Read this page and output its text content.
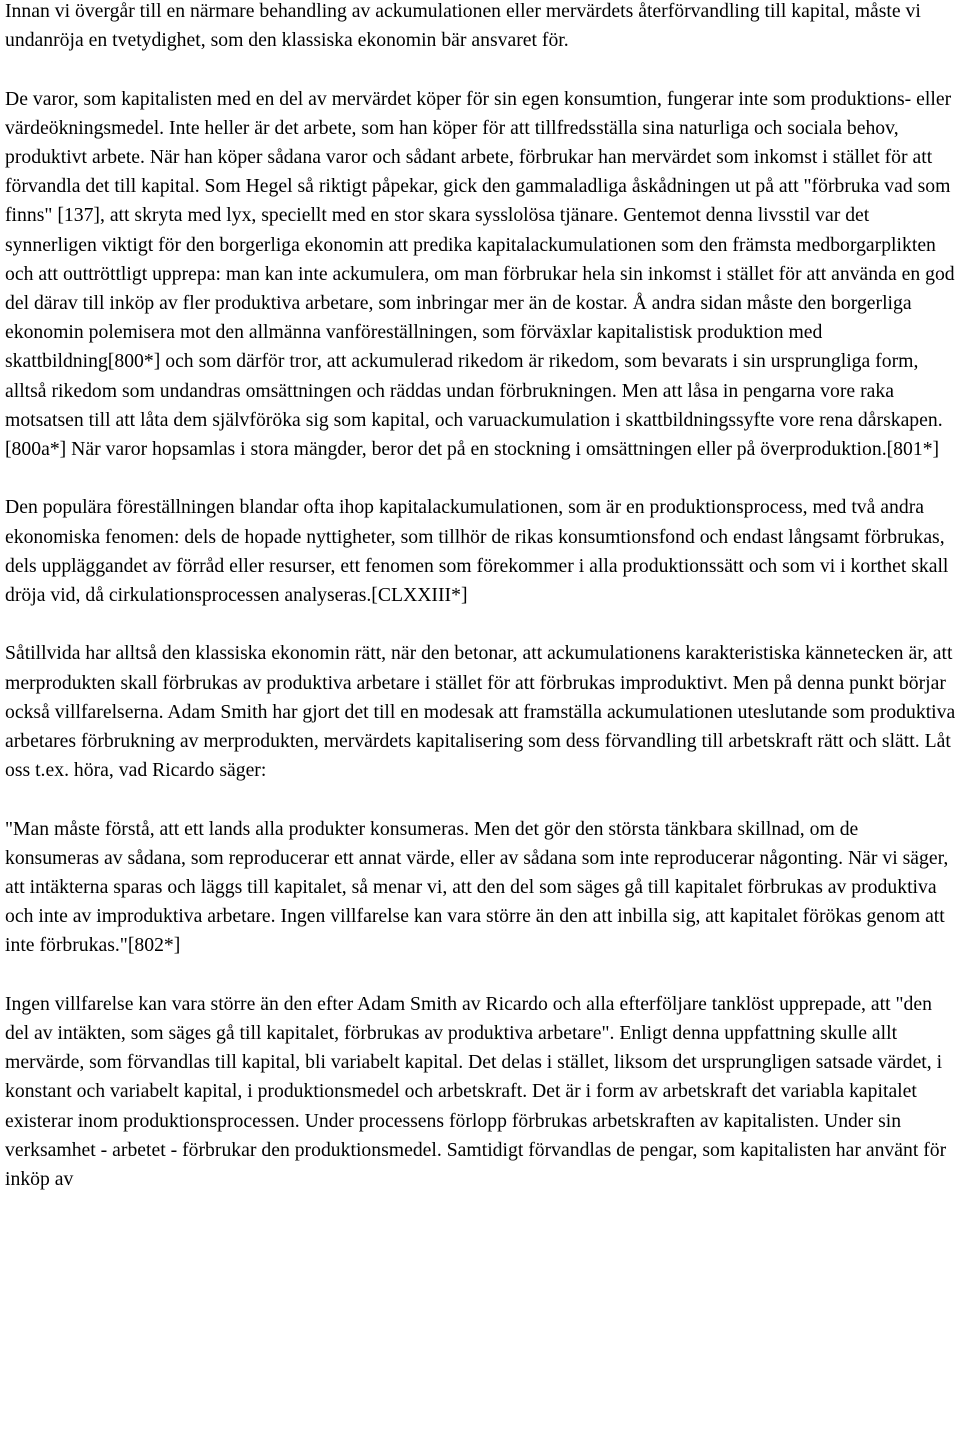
Innan vi övergår till en närmare behandling av ackumulationen eller mervärdets återförvandling till kapital, måste vi undanröja en tvetydighet, som den klassiska ekonomin bär ansvaret för.

De varor, som kapitalisten med en del av mervärdet köper för sin egen konsumtion, fungerar inte som produktions- eller värdeökningsmedel. Inte heller är det arbete, som han köper för att tillfredsställa sina naturliga och sociala behov, produktivt arbete. När han köper sådana varor och sådant arbete, förbrukar han mervärdet som inkomst i stället för att förvandla det till kapital. Som Hegel så riktigt påpekar, gick den gammaladliga åskådningen ut på att "förbruka vad som finns" [137], att skryta med lyx, speciellt med en stor skara sysslolösa tjänare. Gentemot denna livsstil var det synnerligen viktigt för den borgerliga ekonomin att predika kapitalackumulationen som den främsta medborgarplikten och att outtröttligt upprepa: man kan inte ackumulera, om man förbrukar hela sin inkomst i stället för att använda en god del därav till inköp av fler produktiva arbetare, som inbringar mer än de kostar. Å andra sidan måste den borgerliga ekonomin polemisera mot den allmänna vanföreställningen, som förväxlar kapitalistisk produktion med skattbildning[800*] och som därför tror, att ackumulerad rikedom är rikedom, som bevarats i sin ursprungliga form, alltså rikedom som undandras omsättningen och räddas undan förbrukningen. Men att låsa in pengarna vore raka motsatsen till att låta dem självföröka sig som kapital, och varuackumulation i skattbildningssyfte vore rena dårskapen.[800a*] När varor hopsamlas i stora mängder, beror det på en stockning i omsättningen eller på överproduktion.[801*]

Den populära föreställningen blandar ofta ihop kapitalackumulationen, som är en produktionsprocess, med två andra ekonomiska fenomen: dels de hopade nyttigheter, som tillhör de rikas konsumtionsfond och endast långsamt förbrukas, dels uppläggandet av förråd eller resurser, ett fenomen som förekommer i alla produktionssätt och som vi i korthet skall dröja vid, då cirkulationsprocessen analyseras.[CLXXIII*]

Såtillvida har alltså den klassiska ekonomin rätt, när den betonar, att ackumulationens karakteristiska kännetecken är, att merprodukten skall förbrukas av produktiva arbetare i stället för att förbrukas improduktivt. Men på denna punkt börjar också villfarelserna. Adam Smith har gjort det till en modesak att framställa ackumulationen uteslutande som produktiva arbetares förbrukning av merprodukten, mervärdets kapitalisering som dess förvandling till arbetskraft rätt och slätt. Låt oss t.ex. höra, vad Ricardo säger:

"Man måste förstå, att ett lands alla produkter konsumeras. Men det gör den största tänkbara skillnad, om de konsumeras av sådana, som reproducerar ett annat värde, eller av sådana som inte reproducerar någonting. När vi säger, att intäkterna sparas och läggs till kapitalet, så menar vi, att den del som säges gå till kapitalet förbrukas av produktiva och inte av improduktiva arbetare. Ingen villfarelse kan vara större än den att inbilla sig, att kapitalet förökas genom att inte förbrukas."[802*]

Ingen villfarelse kan vara större än den efter Adam Smith av Ricardo och alla efterföljare tanklöst upprepade, att "den del av intäkten, som säges gå till kapitalet, förbrukas av produktiva arbetare". Enligt denna uppfattning skulle allt mervärde, som förvandlas till kapital, bli variabelt kapital. Det delas i stället, liksom det ursprungligen satsade värdet, i konstant och variabelt kapital, i produktionsmedel och arbetskraft. Det är i form av arbetskraft det variabla kapitalet existerar inom produktionsprocessen. Under processens förlopp förbrukas arbetskraften av kapitalisten. Under sin verksamhet - arbetet - förbrukar den produktionsmedel. Samtidigt förvandlas de pengar, som kapitalisten har använt för inköp av
